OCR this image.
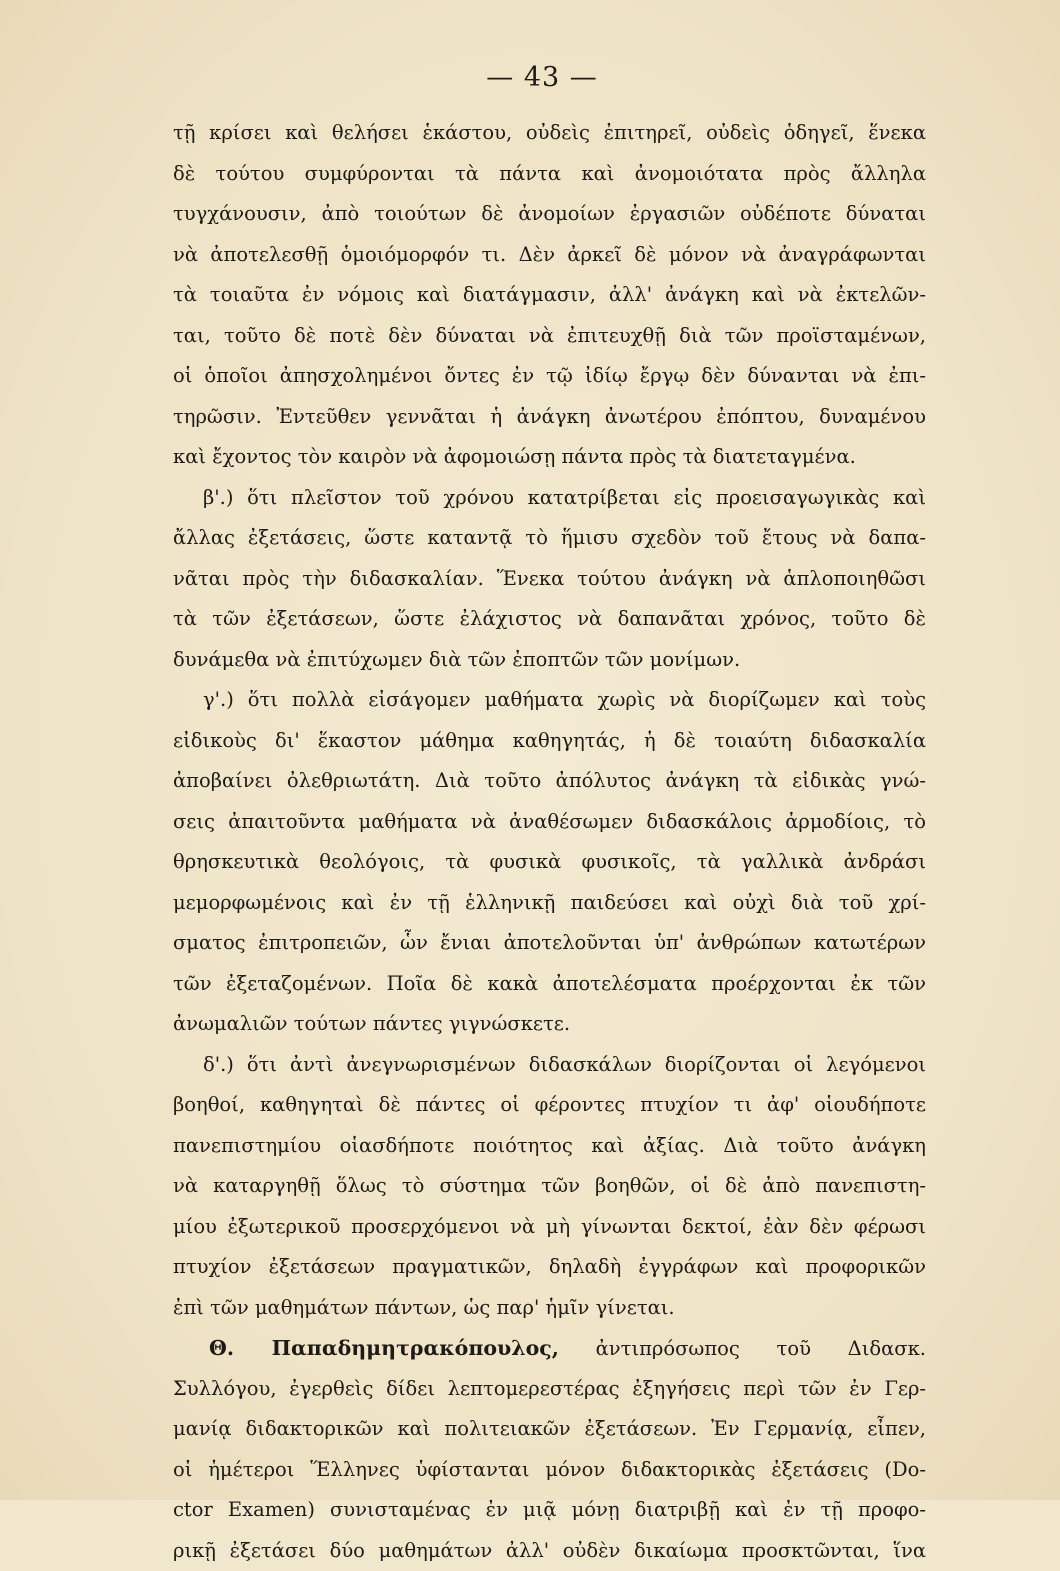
— 43 —
τῇ κρίσει καὶ θελήσει ἑκάστου, οὐδεὶς ἐπιτηρεῖ, οὐδεὶς ὁδηγεῖ, ἕνεκα
δὲ τούτου συμφύρονται τὰ πάντα καὶ ἀνομοιότατα πρὸς ἄλληλα
τυγχάνουσιν, ἀπὸ τοιούτων δὲ ἀνομοίων ἐργασιῶν οὐδέποτε δύναται
νὰ ἀποτελεσθῇ ὁμοιόμορφόν τι. Δὲν ἀρκεῖ δὲ μόνον νὰ ἀναγράφωνται
τὰ τοιαῦτα ἐν νόμοις καὶ διατάγμασιν, ἀλλ' ἀνάγκη καὶ νὰ ἐκτελῶν-
ται, τοῦτο δὲ ποτὲ δὲν δύναται νὰ ἐπιτευχθῇ διὰ τῶν προϊσταμένων,
οἱ ὁποῖοι ἀπησχολημένοι ὄντες ἐν τῷ ἰδίῳ ἔργῳ δὲν δύνανται νὰ ἐπι-
τηρῶσιν. Ἐντεῦθεν γεννᾶται ἡ ἀνάγκη ἀνωτέρου ἐπόπτου, δυναμένου
καὶ ἔχοντος τὸν καιρὸν νὰ ἀφομοιώσῃ πάντα πρὸς τὰ διατεταγμένα.
β'.) ὅτι πλεῖστον τοῦ χρόνου κατατρίβεται εἰς προεισαγωγικὰς καὶ
ἄλλας ἐξετάσεις, ὥστε καταντᾷ τὸ ἥμισυ σχεδὸν τοῦ ἔτους νὰ δαπα-
νᾶται πρὸς τὴν διδασκαλίαν. Ἕνεκα τούτου ἀνάγκη νὰ ἁπλοποιηθῶσι
τὰ τῶν ἐξετάσεων, ὥστε ἐλάχιστος νὰ δαπανᾶται χρόνος, τοῦτο δὲ
δυνάμεθα νὰ ἐπιτύχωμεν διὰ τῶν ἐποπτῶν τῶν μονίμων.
γ'.) ὅτι πολλὰ εἰσάγομεν μαθήματα χωρὶς νὰ διορίζωμεν καὶ τοὺς
εἰδικοὺς δι' ἕκαστον μάθημα καθηγητάς, ἡ δὲ τοιαύτη διδασκαλία
ἀποβαίνει ὀλεθριωτάτη. Διὰ τοῦτο ἀπόλυτος ἀνάγκη τὰ εἰδικὰς γνώ-
σεις ἀπαιτοῦντα μαθήματα νὰ ἀναθέσωμεν διδασκάλοις ἁρμοδίοις, τὸ
θρησκευτικὰ θεολόγοις, τὰ φυσικὰ φυσικοῖς, τὰ γαλλικὰ ἀνδράσι
μεμορφωμένοις καὶ ἐν τῇ ἑλληνικῇ παιδεύσει καὶ οὐχὶ διὰ τοῦ χρί-
σματος ἐπιτροπειῶν, ὧν ἔνιαι ἀποτελοῦνται ὑπ' ἀνθρώπων κατωτέρων
τῶν ἐξεταζομένων. Ποῖα δὲ κακὰ ἀποτελέσματα προέρχονται ἐκ τῶν
ἀνωμαλιῶν τούτων πάντες γιγνώσκετε.
δ'.) ὅτι ἀντὶ ἀνεγνωρισμένων διδασκάλων διορίζονται οἱ λεγόμενοι
βοηθοί, καθηγηταὶ δὲ πάντες οἱ φέροντες πτυχίον τι ἀφ' οἱουδήποτε
πανεπιστημίου οἱασδήποτε ποιότητος καὶ ἀξίας. Διὰ τοῦτο ἀνάγκη
νὰ καταργηθῇ ὅλως τὸ σύστημα τῶν βοηθῶν, οἱ δὲ ἀπὸ πανεπιστη-
μίου ἐξωτερικοῦ προσερχόμενοι νὰ μὴ γίνωνται δεκτοί, ἐὰν δὲν φέρωσι
πτυχίον ἐξετάσεων πραγματικῶν, δηλαδὴ ἐγγράφων καὶ προφορικῶν
ἐπὶ τῶν μαθημάτων πάντων, ὡς παρ' ἡμῖν γίνεται.
Θ. Παπαδημητρακόπουλος, ἀντιπρόσωπος τοῦ Διδασκ.
Συλλόγου, ἐγερθεὶς δίδει λεπτομερεστέρας ἐξηγήσεις περὶ τῶν ἐν Γερ-
μανίᾳ διδακτορικῶν καὶ πολιτειακῶν ἐξετάσεων. Ἐν Γερμανίᾳ, εἶπεν,
οἱ ἡμέτεροι Ἕλληνες ὑφίστανται μόνον διδακτορικὰς ἐξετάσεις (Do-
ctor Examen) συνισταμένας ἐν μιᾷ μόνῃ διατριβῇ καὶ ἐν τῇ προφο-
ρικῇ ἐξετάσει δύο μαθημάτων ἀλλ' οὐδὲν δικαίωμα προσκτῶνται, ἵνα
